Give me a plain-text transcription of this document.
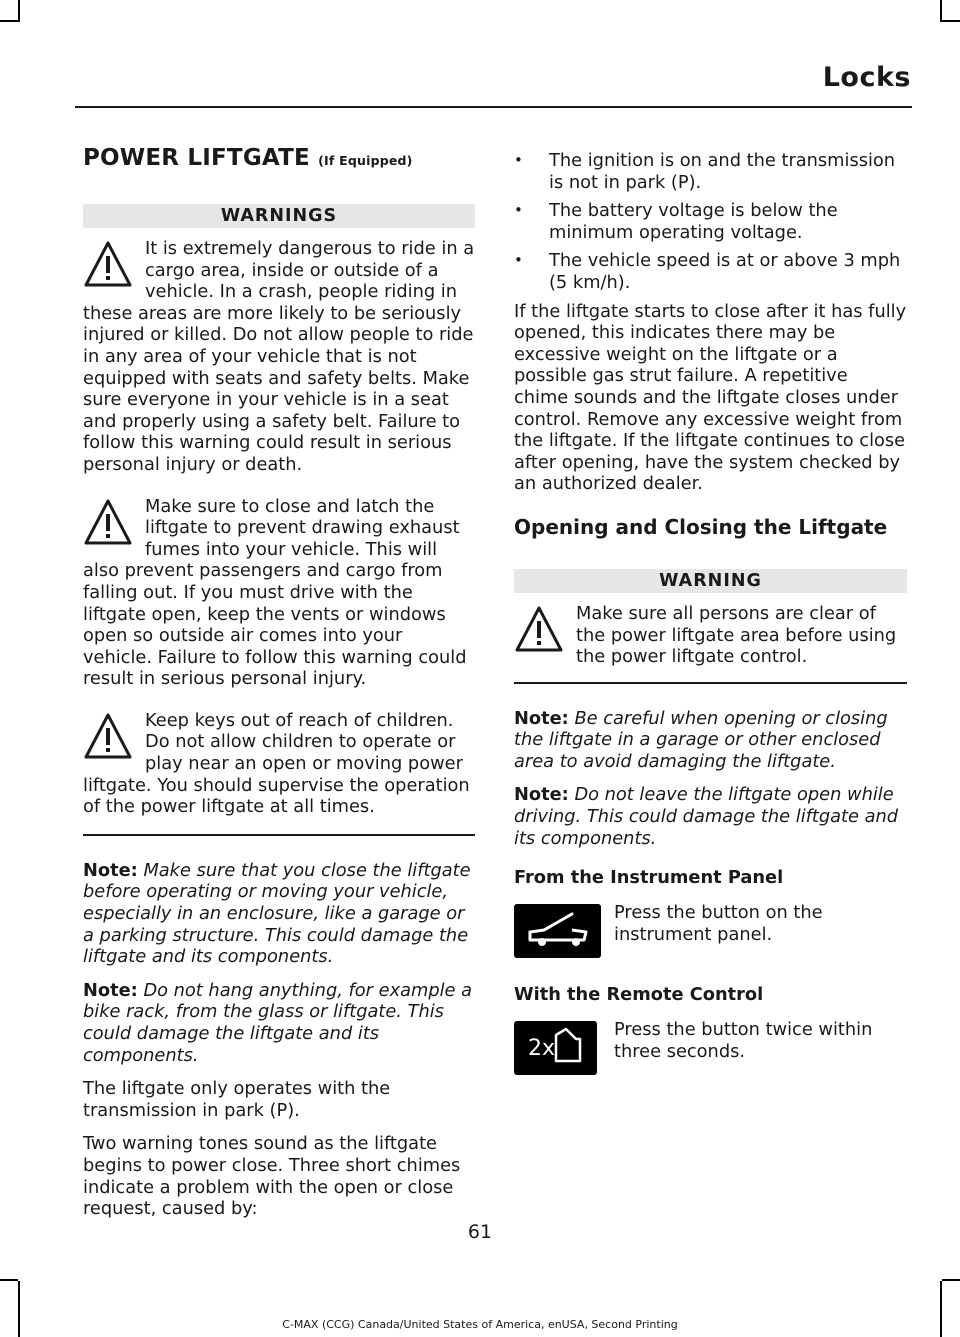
Locks
POWER LIFTGATE (If Equipped)
WARNINGS

It is extremely dangerous to ride in a cargo area, inside or outside of a vehicle. In a crash, people riding in these areas are more likely to be seriously injured or killed. Do not allow people to ride in any area of your vehicle that is not equipped with seats and safety belts. Make sure everyone in your vehicle is in a seat and properly using a safety belt. Failure to follow this warning could result in serious personal injury or death.

Make sure to close and latch the liftgate to prevent drawing exhaust fumes into your vehicle. This will also prevent passengers and cargo from falling out. If you must drive with the liftgate open, keep the vents or windows open so outside air comes into your vehicle. Failure to follow this warning could result in serious personal injury.

Keep keys out of reach of children. Do not allow children to operate or play near an open or moving power liftgate. You should supervise the operation of the power liftgate at all times.

Note: Make sure that you close the liftgate before operating or moving your vehicle, especially in an enclosure, like a garage or a parking structure. This could damage the liftgate and its components.

Note: Do not hang anything, for example a bike rack, from the glass or liftgate. This could damage the liftgate and its components.

The liftgate only operates with the transmission in park (P).

Two warning tones sound as the liftgate begins to power close. Three short chimes indicate a problem with the open or close request, caused by:

• The ignition is on and the transmission is not in park (P).
• The battery voltage is below the minimum operating voltage.
• The vehicle speed is at or above 3 mph (5 km/h).

If the liftgate starts to close after it has fully opened, this indicates there may be excessive weight on the liftgate or a possible gas strut failure. A repetitive chime sounds and the liftgate closes under control. Remove any excessive weight from the liftgate. If the liftgate continues to close after opening, have the system checked by an authorized dealer.

Opening and Closing the Liftgate
WARNING

Make sure all persons are clear of the power liftgate area before using the power liftgate control.

Note: Be careful when opening or closing the liftgate in a garage or other enclosed area to avoid damaging the liftgate.

Note: Do not leave the liftgate open while driving. This could damage the liftgate and its components.

From the Instrument Panel

Press the button on the instrument panel.

With the Remote Control
2x

Press the button twice within three seconds.

61
C-MAX (CCG) Canada/United States of America, enUSA, Second Printing
